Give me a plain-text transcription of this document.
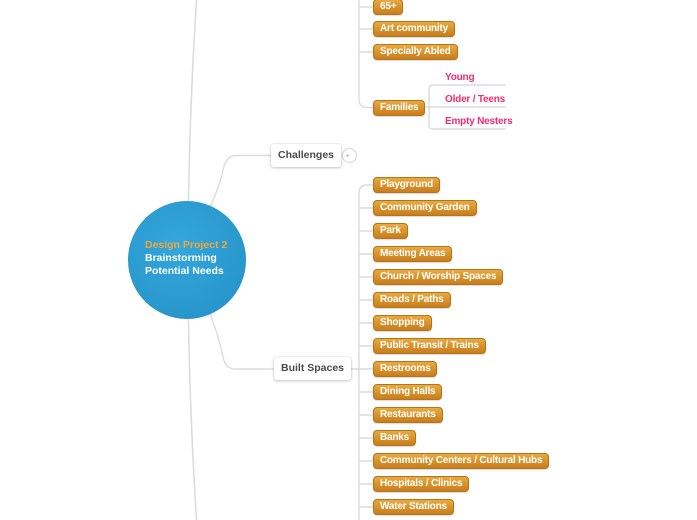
Design Project 2
Brainstorming
Potential Needs
Challenges
Built Spaces
65+
Art community
Specially Abled
Families
Young
Older / Teens
Empty Nesters
Playground
Community Garden
Park
Meeting Areas
Church / Worship Spaces
Roads / Paths
Shopping
Public Transit / Trains
Restrooms
Dining Halls
Restaurants
Banks
Community Centers / Cultural Hubs
Hospitals / Clinics
Water Stations
